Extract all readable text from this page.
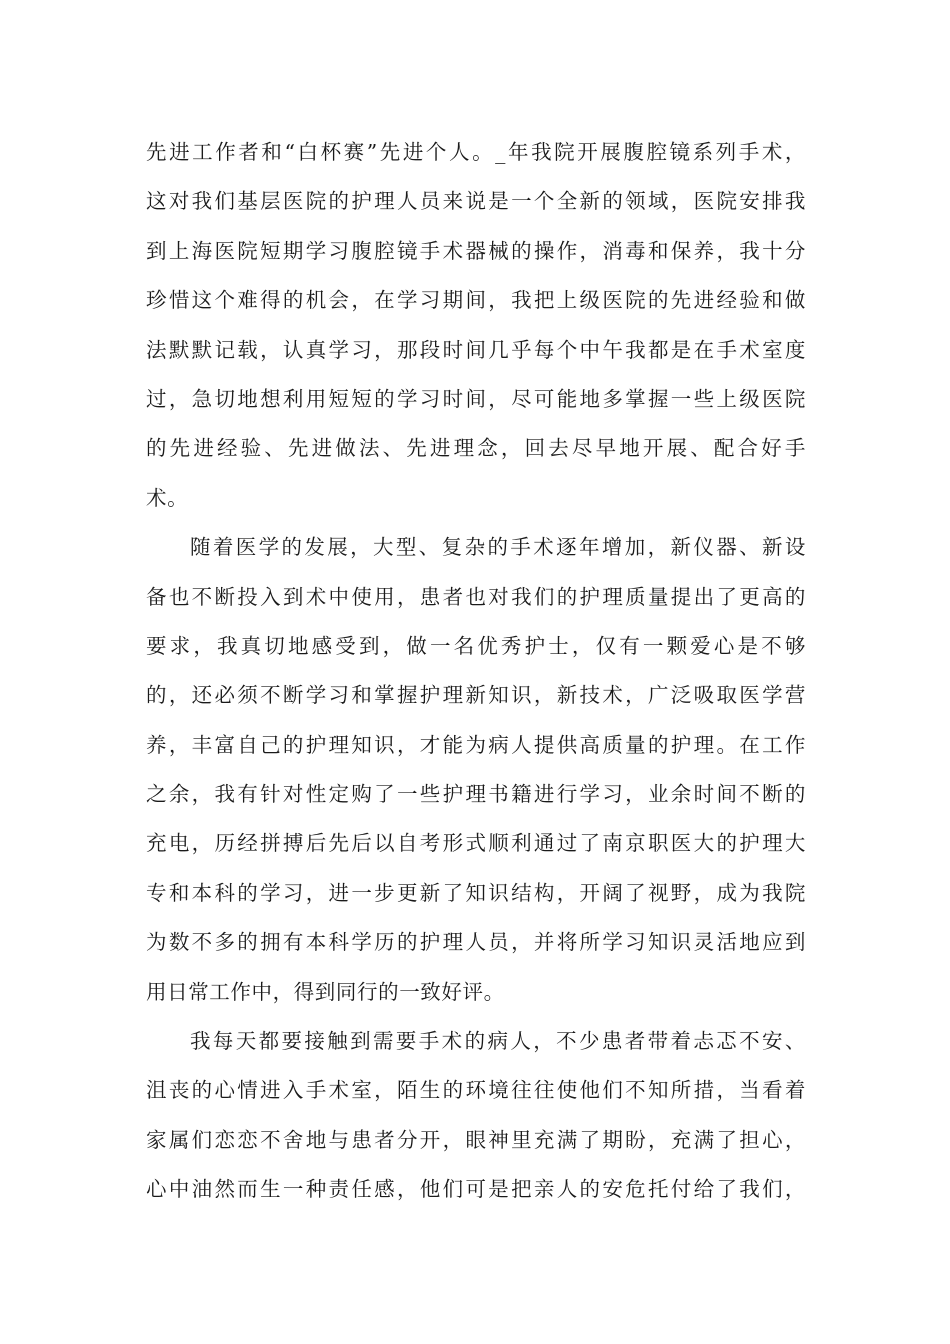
先进工作者和“白杯赛”先进个人。_年我院开展腹腔镜系列手术，
这对我们基层医院的护理人员来说是一个全新的领域，医院安排我
到上海医院短期学习腹腔镜手术器械的操作，消毒和保养，我十分
珍惜这个难得的机会，在学习期间，我把上级医院的先进经验和做
法默默记载，认真学习，那段时间几乎每个中午我都是在手术室度
过，急切地想利用短短的学习时间，尽可能地多掌握一些上级医院
的先进经验、先进做法、先进理念，回去尽早地开展、配合好手
术。
随着医学的发展，大型、复杂的手术逐年增加，新仪器、新设
备也不断投入到术中使用，患者也对我们的护理质量提出了更高的
要求，我真切地感受到，做一名优秀护士，仅有一颗爱心是不够
的，还必须不断学习和掌握护理新知识，新技术，广泛吸取医学营
养，丰富自己的护理知识，才能为病人提供高质量的护理。在工作
之余，我有针对性定购了一些护理书籍进行学习，业余时间不断的
充电，历经拼搏后先后以自考形式顺利通过了南京职医大的护理大
专和本科的学习，进一步更新了知识结构，开阔了视野，成为我院
为数不多的拥有本科学历的护理人员，并将所学习知识灵活地应到
用日常工作中，得到同行的一致好评。
我每天都要接触到需要手术的病人，不少患者带着忐忑不安、
沮丧的心情进入手术室，陌生的环境往往使他们不知所措，当看着
家属们恋恋不舍地与患者分开，眼神里充满了期盼，充满了担心，
心中油然而生一种责任感，他们可是把亲人的安危托付给了我们，
